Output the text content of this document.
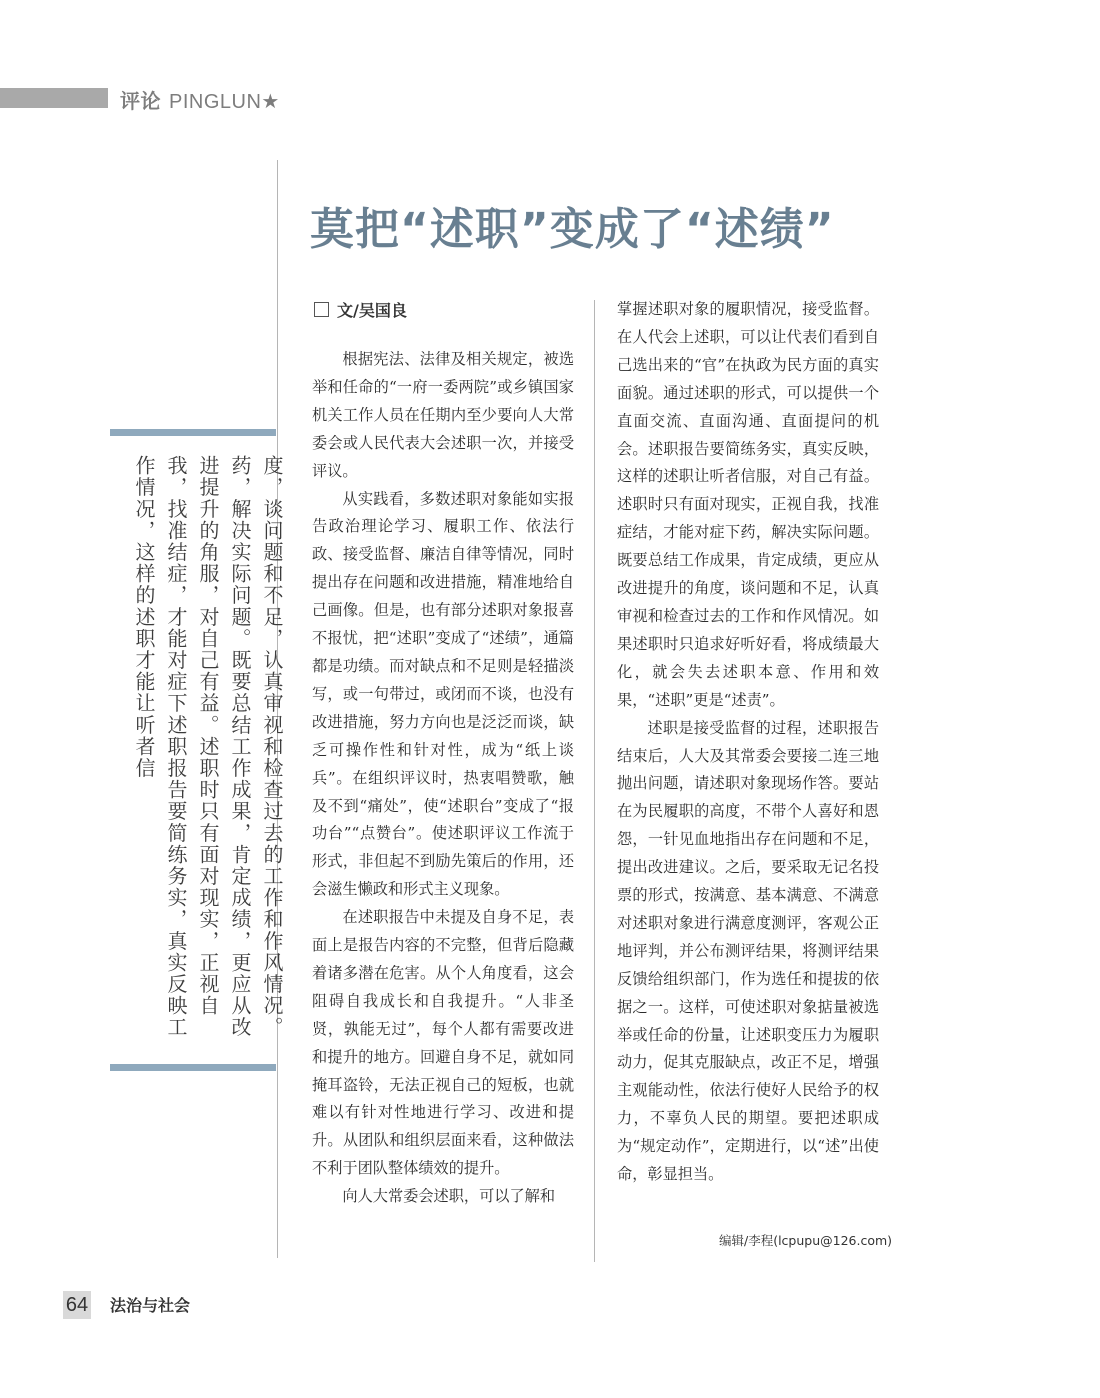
评论 PINGLUN★
莫把“述职”变成了“述绩”
度，谈问题和不足，认真审视和检查过去的工作和作风情况。药，解决实际问题。既要总结工作成果，肯定成绩，更应从改进提升的角服，对自己有益。述职时只有面对现实，正视自我，找准结症，才能对症下述职报告要简练务实，真实反映工作情况，这样的述职才能让听者信
文/吴国良

根据宪法、法律及相关规定，被选举和任命的“一府一委两院”或乡镇国家机关工作人员在任期内至少要向人大常委会或人民代表大会述职一次，并接受评议。

从实践看，多数述职对象能如实报告政治理论学习、履职工作、依法行政、接受监督、廉洁自律等情况，同时提出存在问题和改进措施，精准地给自己画像。但是，也有部分述职对象报喜不报忧，把“述职”变成了“述绩”，通篇都是功绩。而对缺点和不足则是轻描淡写，或一句带过，或闭而不谈，也没有改进措施，努力方向也是泛泛而谈，缺乏可操作性和针对性，成为“纸上谈兵”。在组织评议时，热衷唱赞歌，触及不到“痛处”，使“述职台”变成了“报功台”“点赞台”。使述职评议工作流于形式，非但起不到励先策后的作用，还会滋生懒政和形式主义现象。

在述职报告中未提及自身不足，表面上是报告内容的不完整，但背后隐藏着诸多潜在危害。从个人角度看，这会阻碍自我成长和自我提升。“人非圣贤，孰能无过”，每个人都有需要改进和提升的地方。回避自身不足，就如同掩耳盗铃，无法正视自己的短板，也就难以有针对性地进行学习、改进和提升。从团队和组织层面来看，这种做法不利于团队整体绩效的提升。

向人大常委会述职，可以了解和

掌握述职对象的履职情况，接受监督。在人代会上述职，可以让代表们看到自己选出来的“官”在执政为民方面的真实面貌。通过述职的形式，可以提供一个直面交流、直面沟通、直面提问的机会。述职报告要简练务实，真实反映，这样的述职让听者信服，对自己有益。述职时只有面对现实，正视自我，找准症结，才能对症下药，解决实际问题。既要总结工作成果，肯定成绩，更应从改进提升的角度，谈问题和不足，认真审视和检查过去的工作和作风情况。如果述职时只追求好听好看，将成绩最大化，就会失去述职本意、作用和效果，“述职”更是“述责”。

述职是接受监督的过程，述职报告结束后，人大及其常委会要接二连三地抛出问题，请述职对象现场作答。要站在为民履职的高度，不带个人喜好和恩怨，一针见血地指出存在问题和不足，提出改进建议。之后，要采取无记名投票的形式，按满意、基本满意、不满意对述职对象进行满意度测评，客观公正地评判，并公布测评结果，将测评结果反馈给组织部门，作为选任和提拔的依据之一。这样，可使述职对象掂量被选举或任命的份量，让述职变压力为履职动力，促其克服缺点，改正不足，增强主观能动性，依法行使好人民给予的权力，不辜负人民的期望。要把述职成为“规定动作”，定期进行，以“述”出使命，彰显担当。

编辑/李程(lcpupu@126.com)
64 法治与社会
